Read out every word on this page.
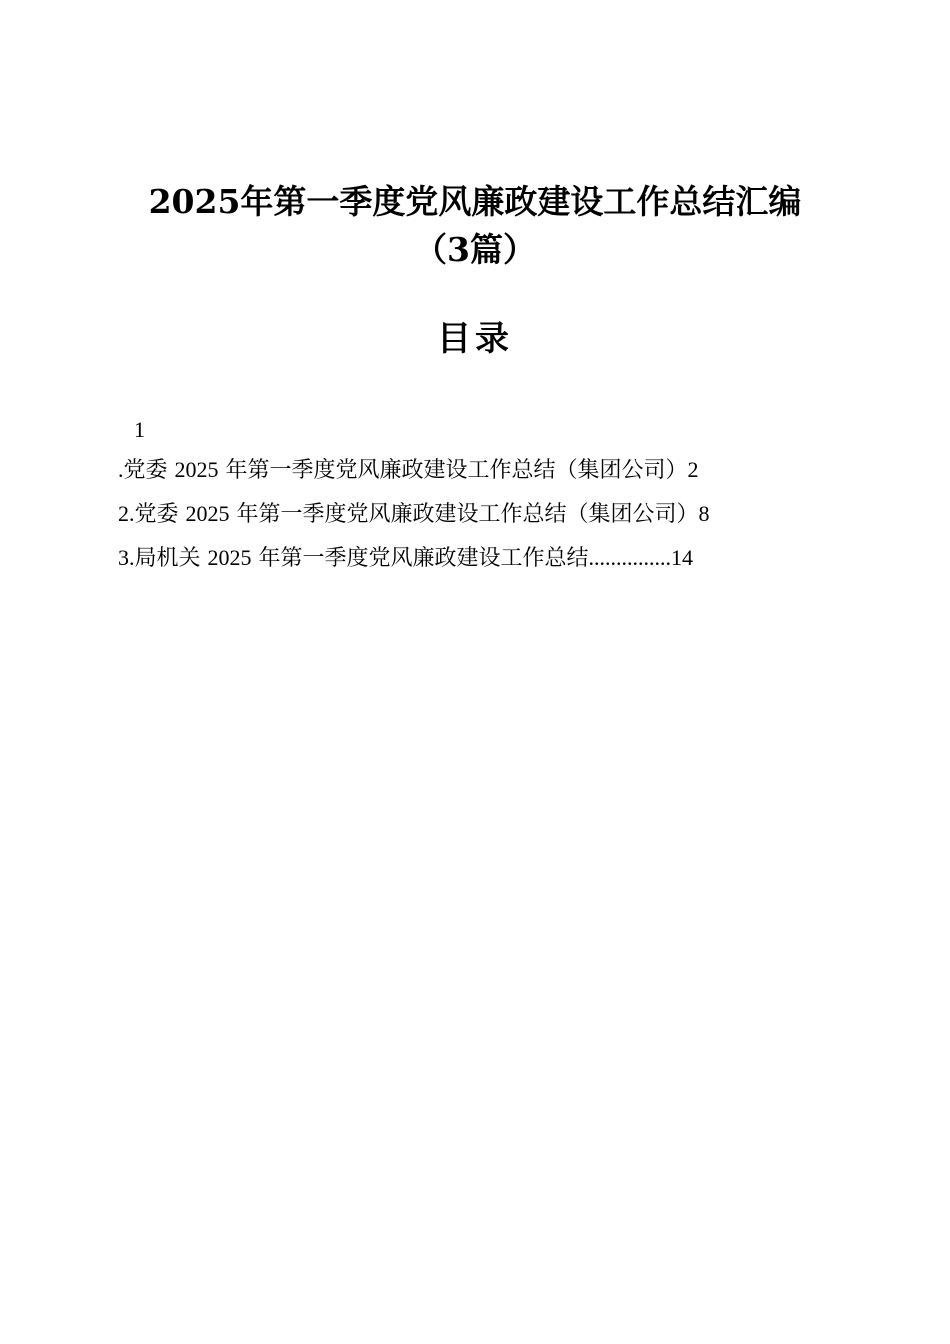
2025年第一季度党风廉政建设工作总结汇编
（3篇）
目录
1
.党委 2025 年第一季度党风廉政建设工作总结（集团公司）2
2.党委 2025 年第一季度党风廉政建设工作总结（集团公司）8
3.局机关 2025 年第一季度党风廉政建设工作总结...............14
